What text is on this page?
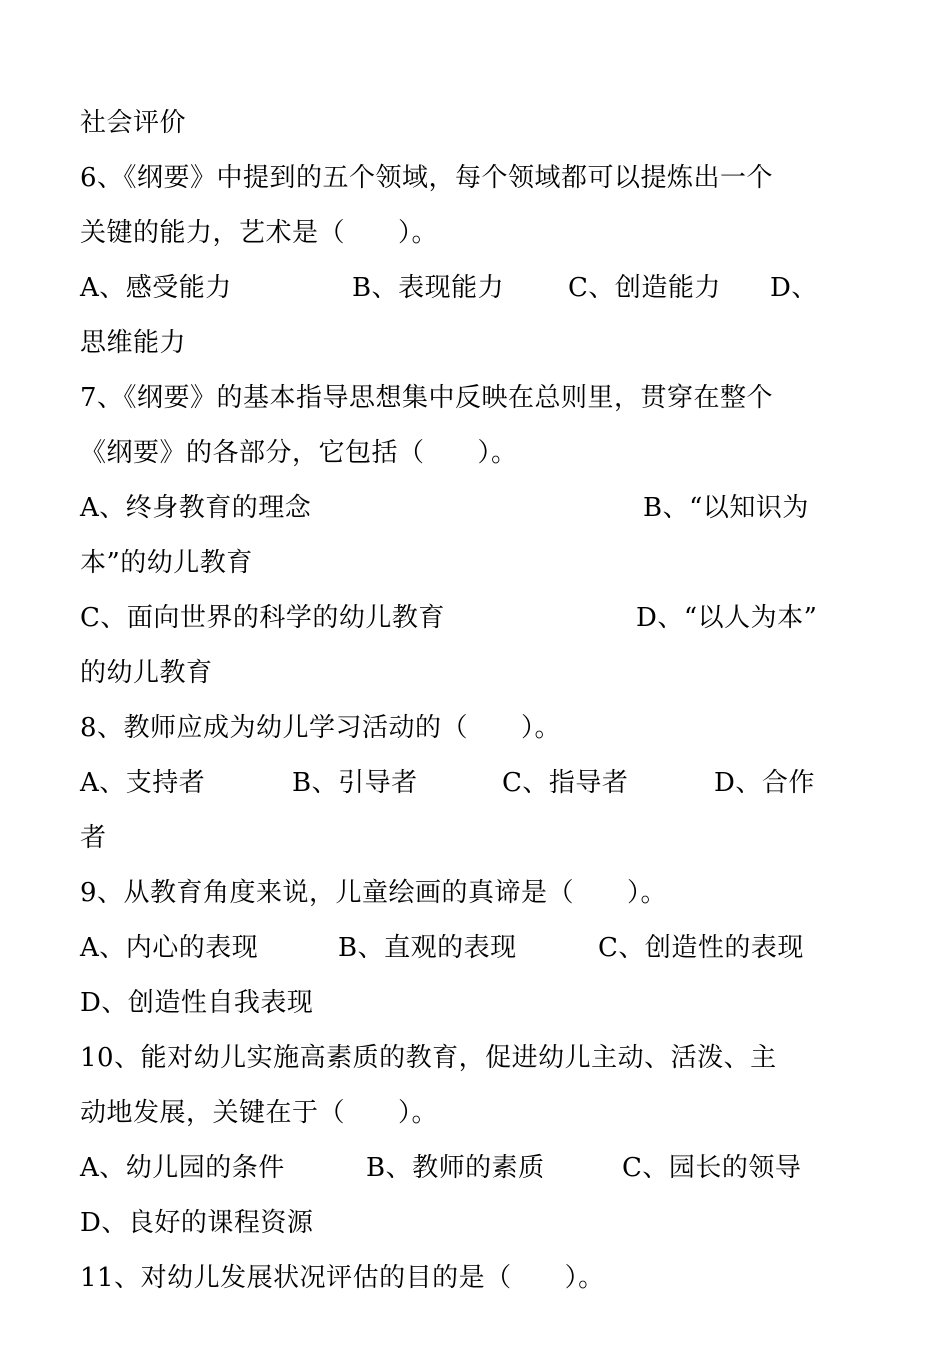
社会评价
6、《纲要》中提到的五个领域，每个领域都可以提炼出一个
关键的能力，艺术是（　　）。
A、感受能力	B、表现能力 C、创造能力 D、
思维能力
7、《纲要》的基本指导思想集中反映在总则里，贯穿在整个
《纲要》的各部分，它包括（　　）。
A、终身教育的理念	B、“以知识为
本”的幼儿教育
C、面向世界的科学的幼儿教育	D、“以人为本”
的幼儿教育
8、教师应成为幼儿学习活动的（　　）。
A、支持者	B、引导者	C、指导者	D、合作
者
9、从教育角度来说，儿童绘画的真谛是（　　）。
A、内心的表现	B、直观的表现	C、创造性的表现
D、创造性自我表现
10、能对幼儿实施高素质的教育，促进幼儿主动、活泼、主
动地发展，关键在于（　　）。
A、幼儿园的条件	B、教师的素质	C、园长的领导
D、良好的课程资源
11、对幼儿发展状况评估的目的是（　　）。
